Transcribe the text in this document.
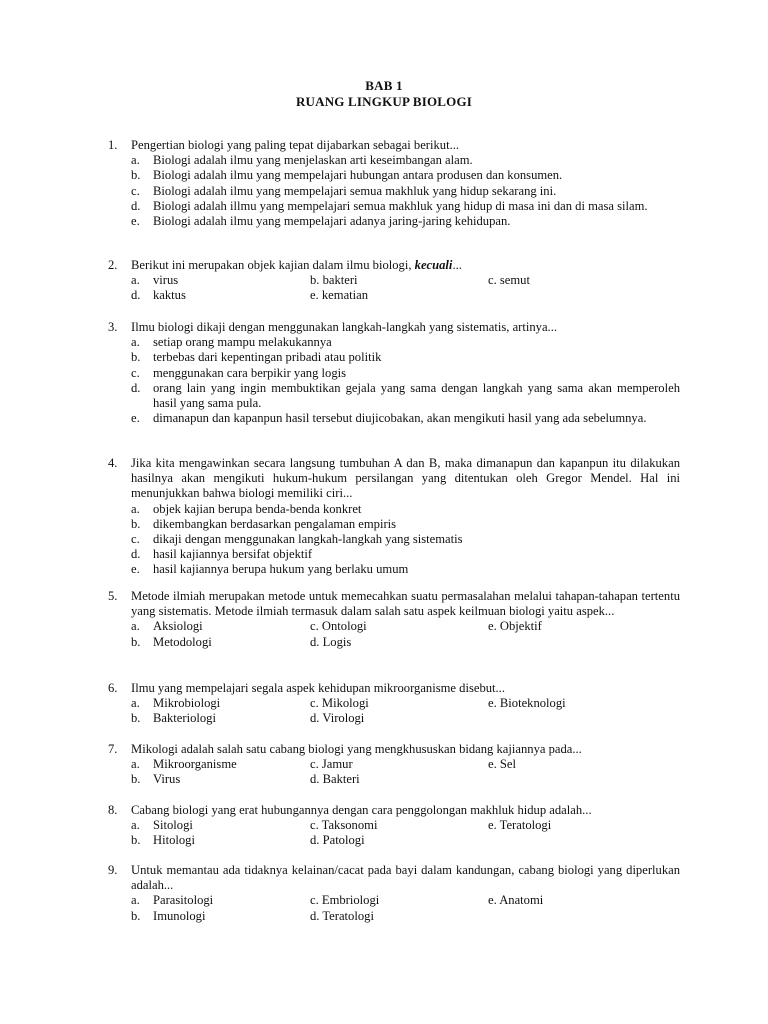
BAB 1
RUANG LINGKUP BIOLOGI
1. Pengertian biologi yang paling tepat dijabarkan sebagai berikut...
a. Biologi adalah ilmu yang menjelaskan arti keseimbangan alam.
b. Biologi adalah ilmu yang mempelajari hubungan antara produsen dan konsumen.
c. Biologi adalah ilmu yang mempelajari semua makhluk yang hidup sekarang ini.
d. Biologi adalah illmu yang mempelajari semua makhluk yang hidup di masa ini dan di masa silam.
e. Biologi adalah ilmu yang mempelajari adanya jaring-jaring kehidupan.
2. Berikut ini merupakan objek kajian dalam ilmu biologi, kecuali...
a. virus	b. bakteri	c. semut
d. kaktus	e. kematian
3. Ilmu biologi dikaji dengan menggunakan langkah-langkah yang sistematis, artinya...
a. setiap orang mampu melakukannya
b. terbebas dari kepentingan pribadi atau politik
c. menggunakan cara berpikir yang logis
d. orang lain yang ingin membuktikan gejala yang sama dengan langkah yang sama akan memperoleh hasil yang sama pula.
e. dimanapun dan kapanpun hasil tersebut diujicobakan, akan mengikuti hasil yang ada sebelumnya.
4. Jika kita mengawinkan secara langsung tumbuhan A dan B, maka dimanapun dan kapanpun itu dilakukan hasilnya akan mengikuti hukum-hukum persilangan yang ditentukan oleh Gregor Mendel. Hal ini menunjukkan bahwa biologi memiliki ciri...
a. objek kajian berupa benda-benda konkret
b. dikembangkan berdasarkan pengalaman empiris
c. dikaji dengan menggunakan langkah-langkah yang sistematis
d. hasil kajiannya bersifat objektif
e. hasil kajiannya berupa hukum yang berlaku umum
5. Metode ilmiah merupakan metode untuk memecahkan suatu permasalahan melalui tahapan-tahapan tertentu yang sistematis. Metode ilmiah termasuk dalam salah satu aspek keilmuan biologi yaitu aspek...
a. Aksiologi	c. Ontologi	e. Objektif
b. Metodologi	d. Logis
6. Ilmu yang mempelajari segala aspek kehidupan mikroorganisme disebut...
a. Mikrobiologi	c. Mikologi	e. Bioteknologi
b. Bakteriologi	d. Virologi
7. Mikologi adalah salah satu cabang biologi yang mengkhususkan bidang kajiannya pada...
a. Mikroorganisme	c. Jamur	e. Sel
b. Virus	d. Bakteri
8. Cabang biologi yang erat hubungannya dengan cara penggolongan makhluk hidup adalah...
a. Sitologi	c. Taksonomi	e. Teratologi
b. Hitologi	d. Patologi
9. Untuk memantau ada tidaknya kelainan/cacat pada bayi dalam kandungan, cabang biologi yang diperlukan adalah...
a. Parasitologi	c. Embriologi	e. Anatomi
b. Imunologi	d. Teratologi
